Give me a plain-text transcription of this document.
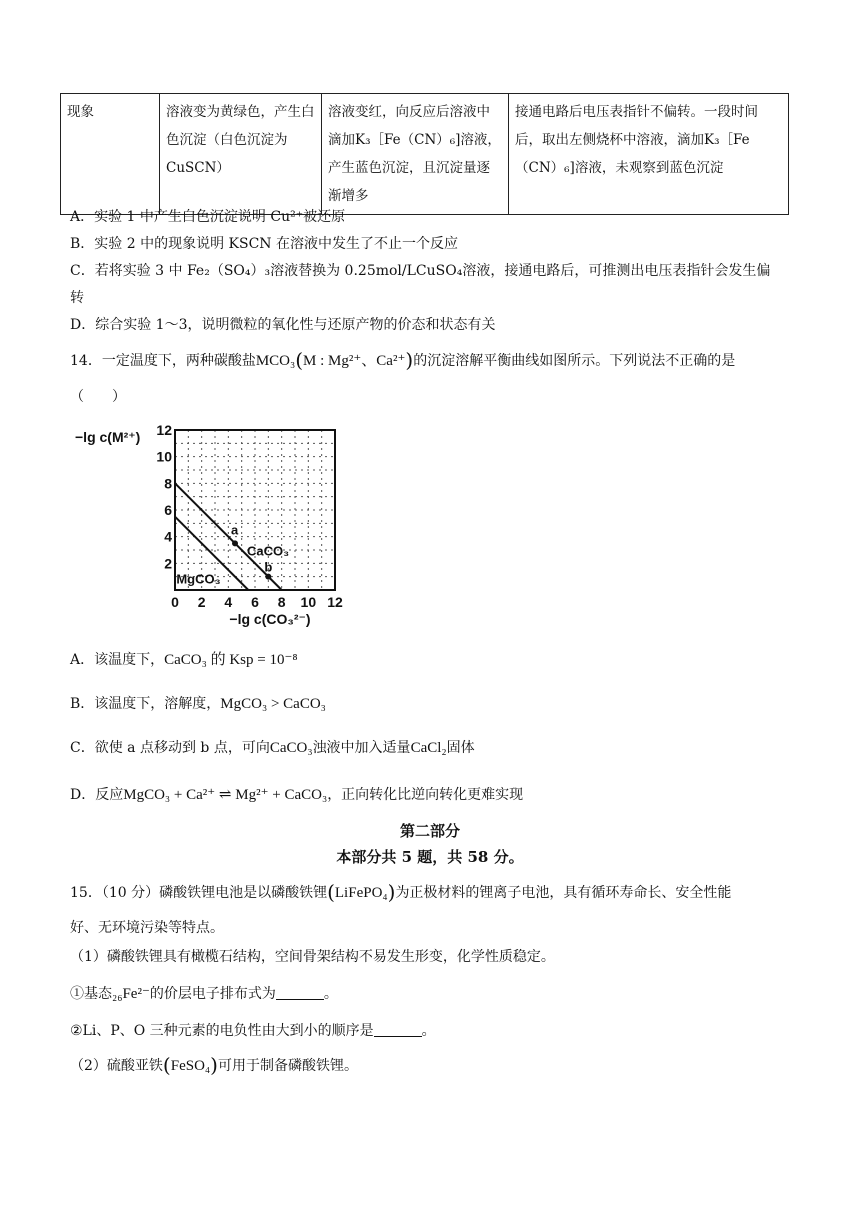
现象	溶液变为黄绿色，产生白色沉淀（白色沉淀为CuSCN）	溶液变红，向反应后溶液中滴加K₃［Fe（CN）₆]溶液，产生蓝色沉淀，且沉淀量逐渐增多	接通电路后电压表指针不偏转。一段时间后，取出左侧烧杯中溶液，滴加K₃［Fe（CN）₆]溶液，未观察到蓝色沉淀
A．实验 1 中产生白色沉淀说明 Cu²⁺被还原
B．实验 2 中的现象说明 KSCN 在溶液中发生了不止一个反应
C．若将实验 3 中 Fe₂（SO₄）₃溶液替换为 0.25mol/LCuSO₄溶液，接通电路后，可推测出电压表指针会发生偏
转
D．综合实验 1～3，说明微粒的氧化性与还原产物的价态和状态有关
14．一定温度下，两种碳酸盐MCO₃(M : Mg²⁺、Ca²⁺)的沉淀溶解平衡曲线如图所示。下列说法不正确的是
（　　）
0 2 4 6 8 10 12
2
4
6
8
10
12
−lg c(M²⁺)
−lg c(CO₃²⁻)
CaCO₃
MgCO₃
a
b
A．该温度下，CaCO₃ 的 Ksp = 10⁻⁸
B．该温度下，溶解度，MgCO₃ > CaCO₃
C．欲使 a 点移动到 b 点，可向CaCO₃浊液中加入适量CaCl₂固体
D．反应MgCO₃ + Ca²⁺ ⇌ Mg²⁺ + CaCO₃，正向转化比逆向转化更难实现
第二部分
本部分共 5 题，共 58 分。
15．（10 分）磷酸铁锂电池是以磷酸铁锂(LiFePO₄)为正极材料的锂离子电池，具有循环寿命长、安全性能
好、无环境污染等特点。
（1）磷酸铁锂具有橄榄石结构，空间骨架结构不易发生形变，化学性质稳定。
①基态₂₆Fe²⁻的价层电子排布式为	。
②Li、P、O 三种元素的电负性由大到小的顺序是	。
（2）硫酸亚铁(FeSO₄)可用于制备磷酸铁锂。
